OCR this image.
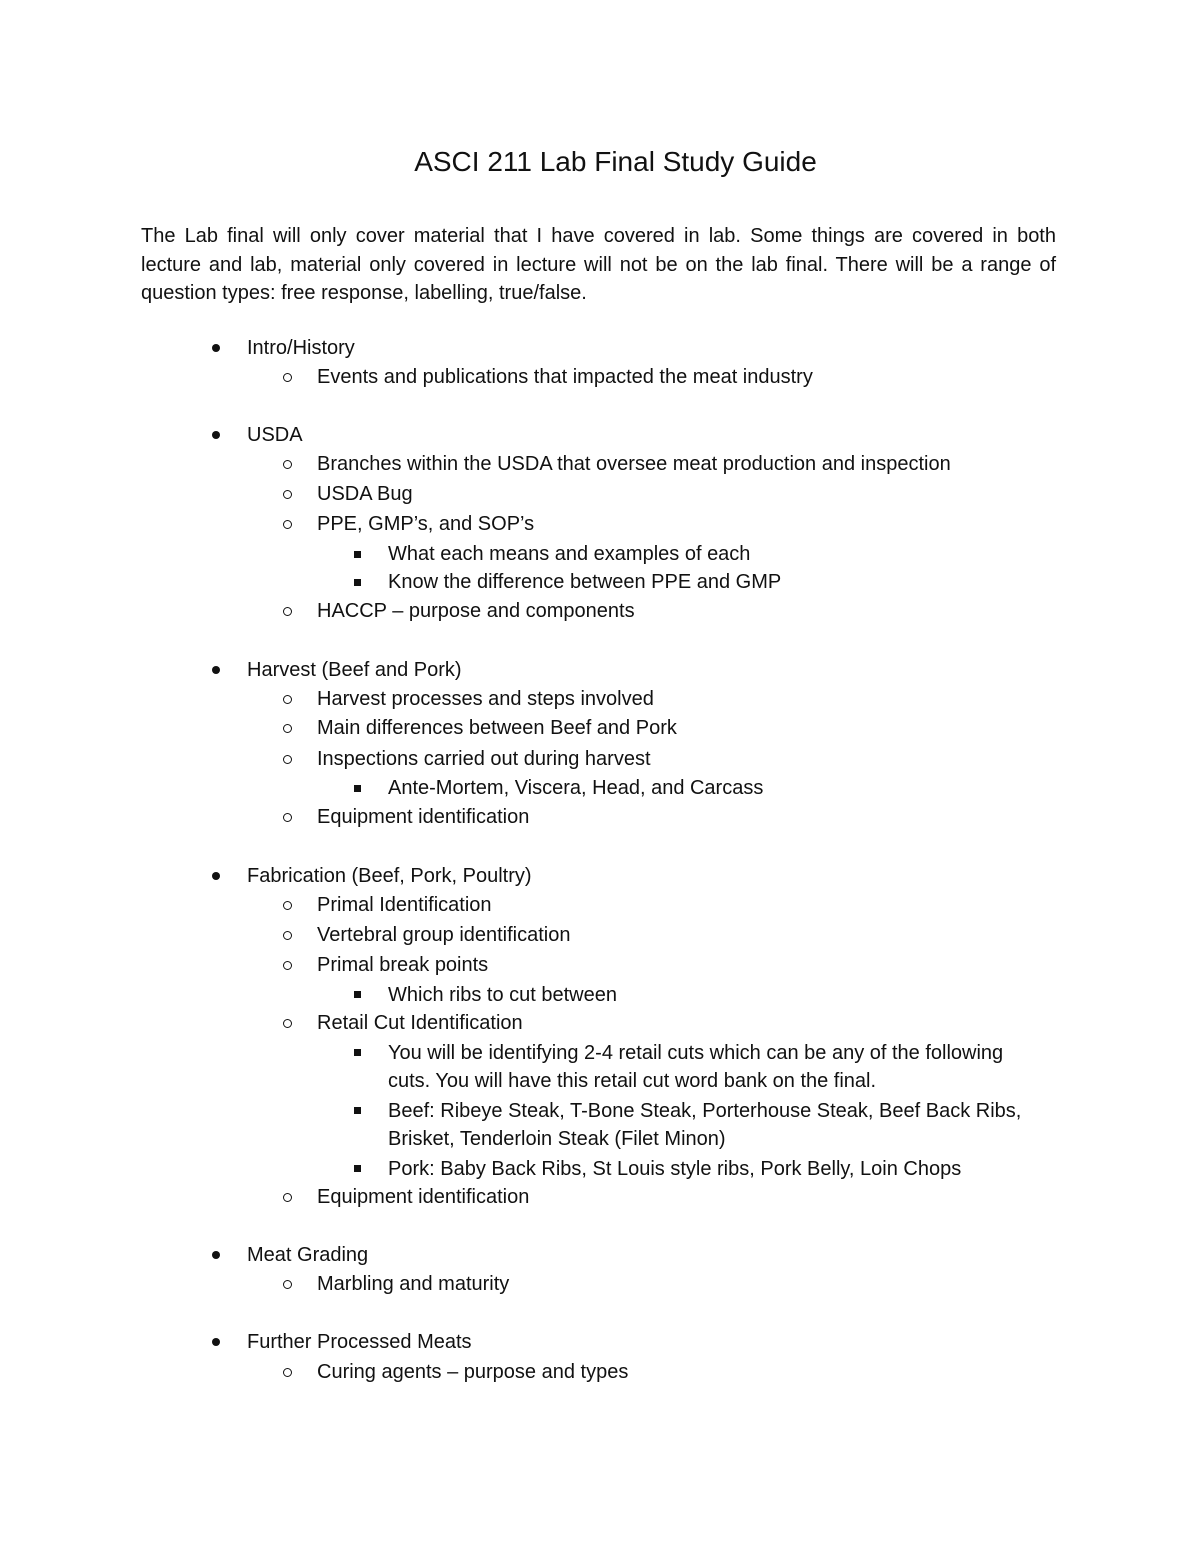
ASCI 211 Lab Final Study Guide
The Lab final will only cover material that I have covered in lab. Some things are covered in both lecture and lab, material only covered in lecture will not be on the lab final. There will be a range of question types: free response, labelling, true/false.
Intro/History
Events and publications that impacted the meat industry
USDA
Branches within the USDA that oversee meat production and inspection
USDA Bug
PPE, GMP’s, and SOP’s
What each means and examples of each
Know the difference between PPE and GMP
HACCP – purpose and components
Harvest (Beef and Pork)
Harvest processes and steps involved
Main differences between Beef and Pork
Inspections carried out during harvest
Ante-Mortem, Viscera, Head, and Carcass
Equipment identification
Fabrication (Beef, Pork, Poultry)
Primal Identification
Vertebral group identification
Primal break points
Which ribs to cut between
Retail Cut Identification
You will be identifying 2-4 retail cuts which can be any of the following cuts. You will have this retail cut word bank on the final.
Beef: Ribeye Steak, T-Bone Steak, Porterhouse Steak, Beef Back Ribs, Brisket, Tenderloin Steak (Filet Minon)
Pork: Baby Back Ribs, St Louis style ribs, Pork Belly, Loin Chops
Equipment identification
Meat Grading
Marbling and maturity
Further Processed Meats
Curing agents – purpose and types
